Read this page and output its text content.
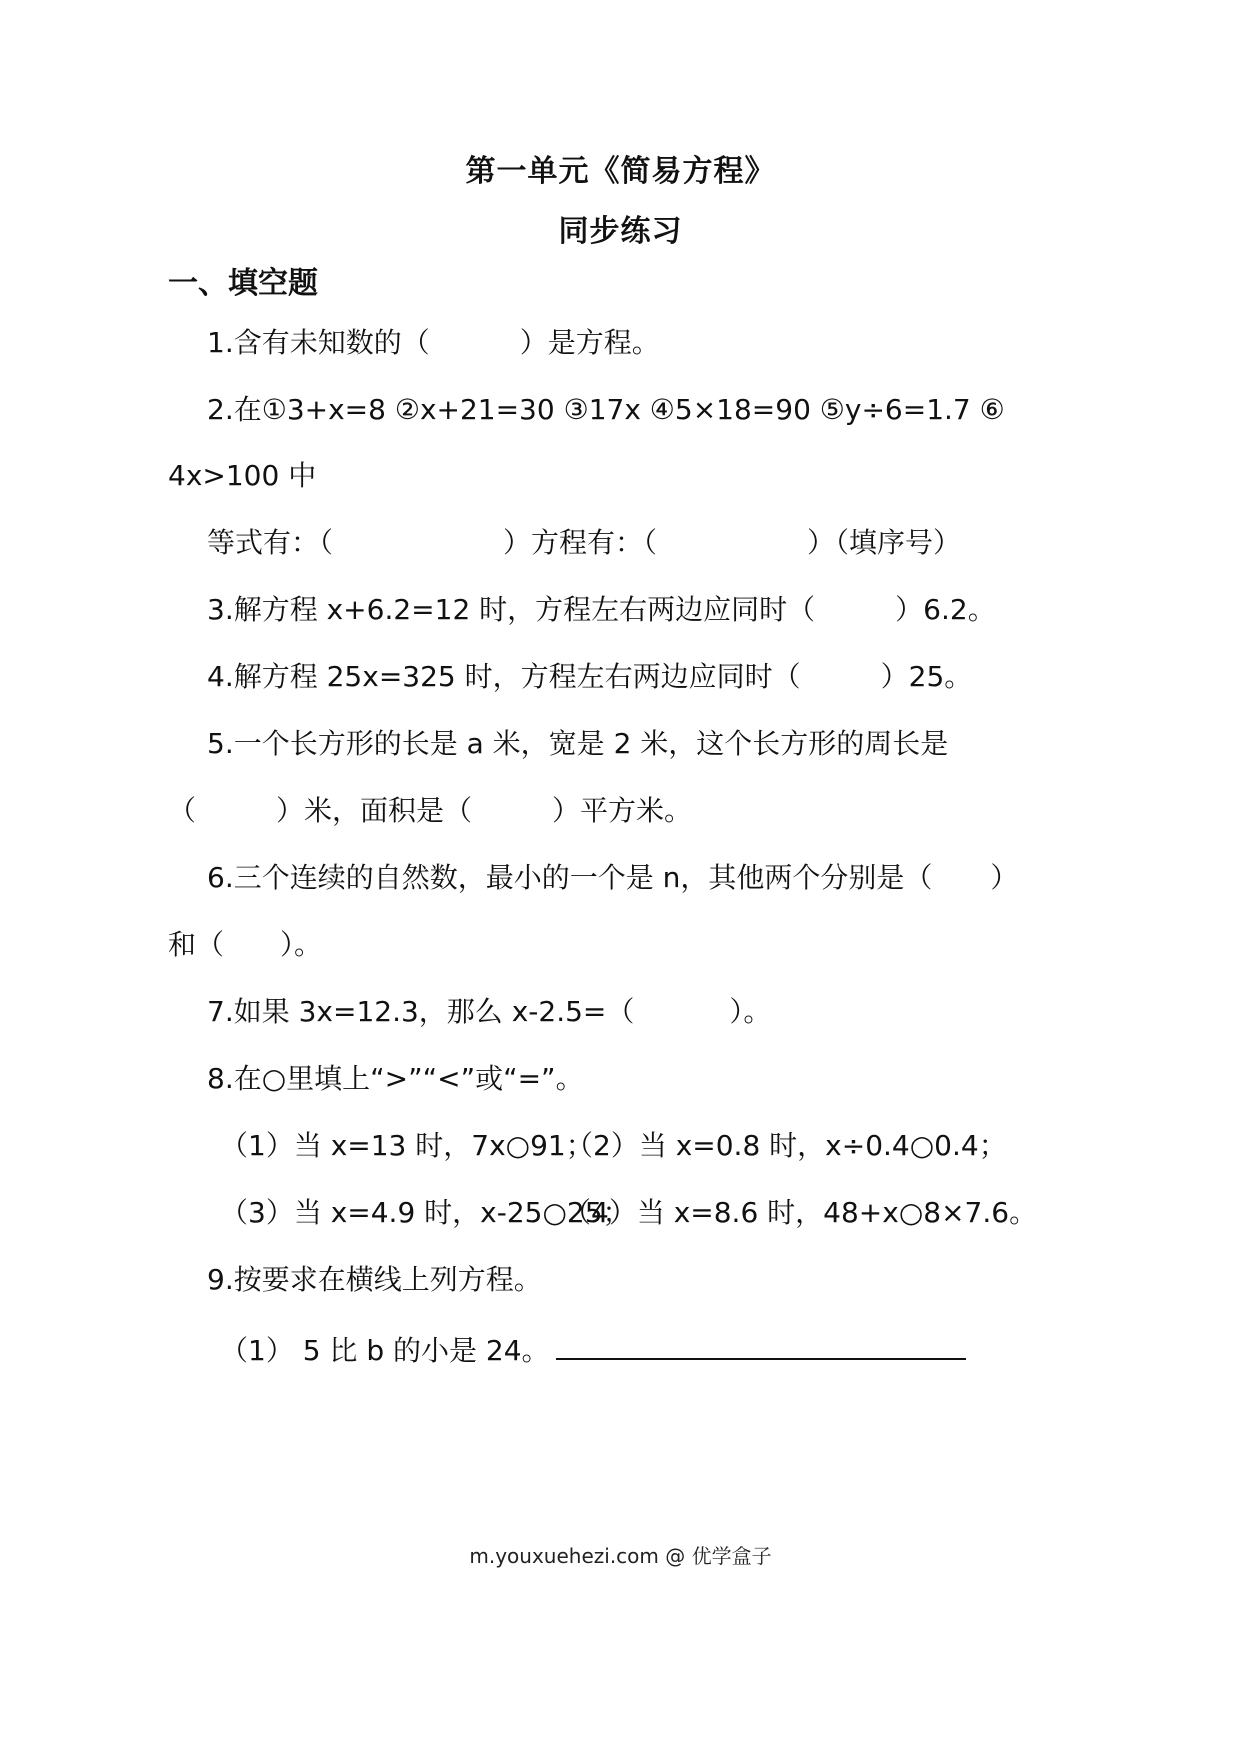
第一单元《简易方程》
同步练习
一、填空题
1.含有未知数的（	）是方程。
2.在①3+x=8 ②x+21=30 ③17x ④5×18=90 ⑤y÷6=1.7 ⑥
4x>100 中
等式有：（	）方程有：（	）（填序号）
3.解方程 x+6.2=12 时，方程左右两边应同时（	）6.2。
4.解方程 25x=325 时，方程左右两边应同时（	）25。
5.一个长方形的长是 a 米，宽是 2 米，这个长方形的周长是
（	）米，面积是（	）平方米。
6.三个连续的自然数，最小的一个是 n，其他两个分别是（ ）
和（ ）。
7.如果 3x=12.3，那么 x-2.5=（	）。
8.在○里填上“>”“<”或“=”。
（1）当 x=13 时，7x○91；
（2）当 x=0.8 时，x÷0.4○0.4；
（3）当 x=4.9 时，x-25○25；
（4）当 x=8.6 时，48+x○8×7.6。
9.按要求在横线上列方程。
（1） 5 比 b 的小是 24。
m.youxuehezi.com @ 优学盒子
